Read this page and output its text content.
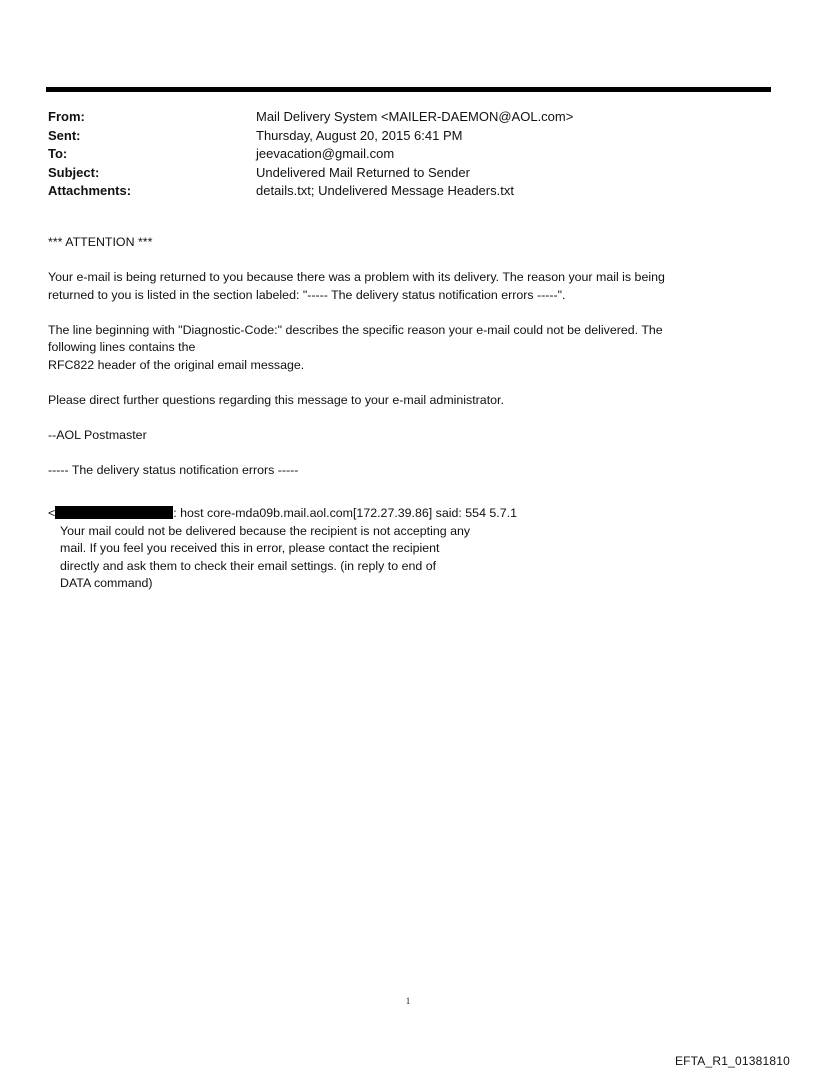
From:	Mail Delivery System <MAILER-DAEMON@AOL.com>
Sent:	Thursday, August 20, 2015 6:41 PM
To:	jeevacation@gmail.com
Subject:	Undelivered Mail Returned to Sender
Attachments:	details.txt; Undelivered Message Headers.txt

*** ATTENTION ***

Your e-mail is being returned to you because there was a problem with its delivery. The reason your mail is being

returned to you is listed in the section labeled: "----- The delivery status notification errors -----".

The line beginning with "Diagnostic-Code:" describes the specific reason your e-mail could not be delivered. The

following lines contains the

RFC822 header of the original email message.

Please direct further questions regarding this message to your e-mail administrator.

--AOL Postmaster

----- The delivery status notification errors -----

<	: host core-mda09b.mail.aol.com[172.27.39.86] said: 554 5.7.1

Your mail could not be delivered because the recipient is not accepting any

mail. If you feel you received this in error, please contact the recipient

directly and ask them to check their email settings. (in reply to end of

DATA command)

1
EFTA_R1_01381810
